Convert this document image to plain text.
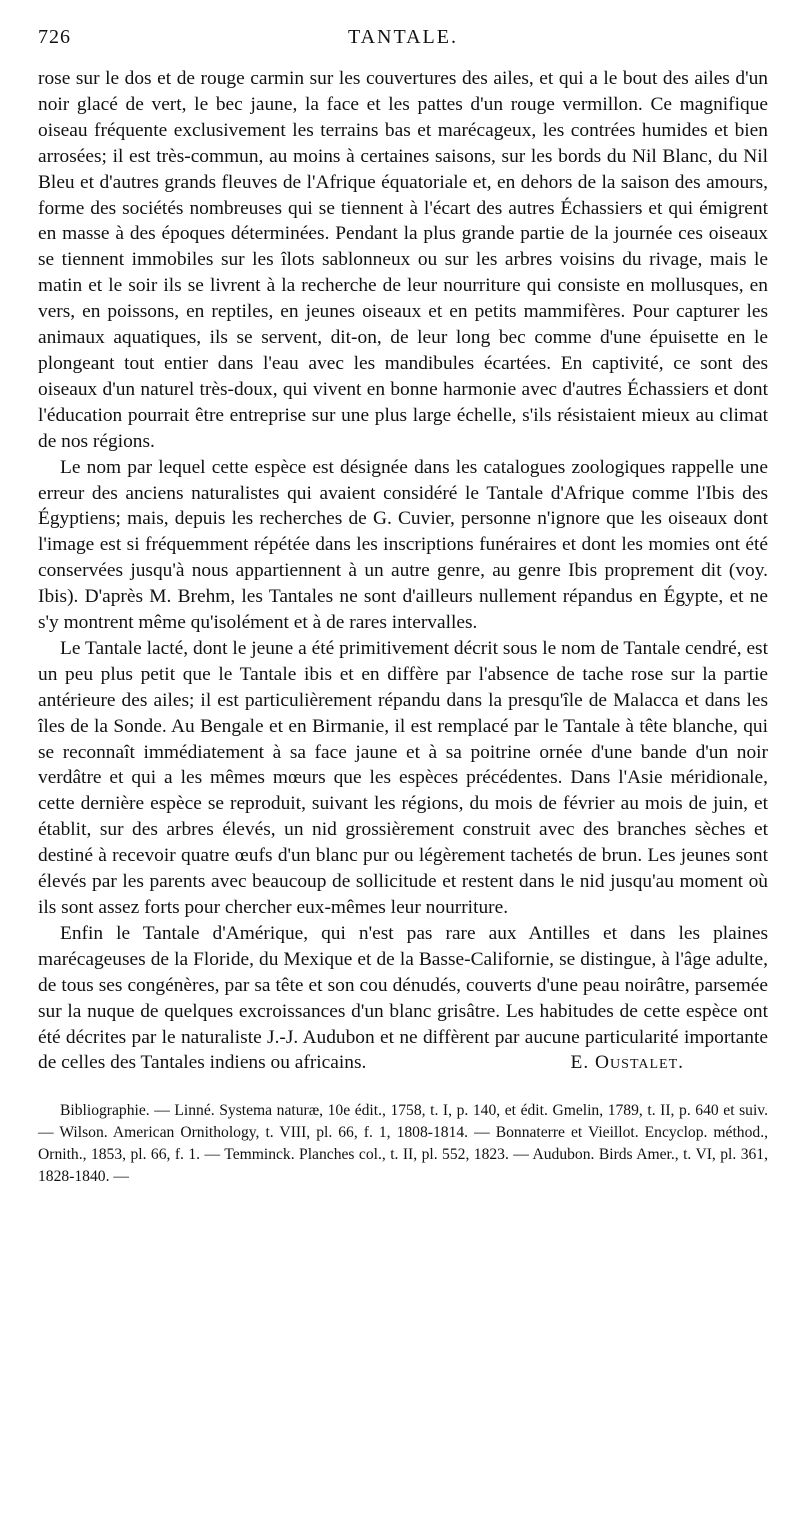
726	TANTALE.

rose sur le dos et de rouge carmin sur les couvertures des ailes, et qui a le bout des ailes d'un noir glacé de vert, le bec jaune, la face et les pattes d'un rouge vermillon. Ce magnifique oiseau fréquente exclusivement les terrains bas et marécageux, les contrées humides et bien arrosées; il est très-commun, au moins à certaines saisons, sur les bords du Nil Blanc, du Nil Bleu et d'autres grands fleuves de l'Afrique équatoriale et, en dehors de la saison des amours, forme des sociétés nombreuses qui se tiennent à l'écart des autres Échassiers et qui émigrent en masse à des époques déterminées. Pendant la plus grande partie de la journée ces oiseaux se tiennent immobiles sur les îlots sablonneux ou sur les arbres voisins du rivage, mais le matin et le soir ils se livrent à la recherche de leur nourriture qui consiste en mollusques, en vers, en poissons, en reptiles, en jeunes oiseaux et en petits mammifères. Pour capturer les animaux aquatiques, ils se servent, dit-on, de leur long bec comme d'une épuisette en le plongeant tout entier dans l'eau avec les mandibules écartées. En captivité, ce sont des oiseaux d'un naturel très-doux, qui vivent en bonne harmonie avec d'autres Échassiers et dont l'éducation pourrait être entreprise sur une plus large échelle, s'ils résistaient mieux au climat de nos régions.

Le nom par lequel cette espèce est désignée dans les catalogues zoologiques rappelle une erreur des anciens naturalistes qui avaient considéré le Tantale d'Afrique comme l'Ibis des Égyptiens; mais, depuis les recherches de G. Cuvier, personne n'ignore que les oiseaux dont l'image est si fréquemment répétée dans les inscriptions funéraires et dont les momies ont été conservées jusqu'à nous appartiennent à un autre genre, au genre Ibis proprement dit (voy. Ibis). D'après M. Brehm, les Tantales ne sont d'ailleurs nullement répandus en Égypte, et ne s'y montrent même qu'isolément et à de rares intervalles.

Le Tantale lacté, dont le jeune a été primitivement décrit sous le nom de Tantale cendré, est un peu plus petit que le Tantale ibis et en diffère par l'absence de tache rose sur la partie antérieure des ailes; il est particulièrement répandu dans la presqu'île de Malacca et dans les îles de la Sonde. Au Bengale et en Birmanie, il est remplacé par le Tantale à tête blanche, qui se reconnaît immédiatement à sa face jaune et à sa poitrine ornée d'une bande d'un noir verdâtre et qui a les mêmes mœurs que les espèces précédentes. Dans l'Asie méridionale, cette dernière espèce se reproduit, suivant les régions, du mois de février au mois de juin, et établit, sur des arbres élevés, un nid grossièrement construit avec des branches sèches et destiné à recevoir quatre œufs d'un blanc pur ou légèrement tachetés de brun. Les jeunes sont élevés par les parents avec beaucoup de sollicitude et restent dans le nid jusqu'au moment où ils sont assez forts pour chercher eux-mêmes leur nourriture.

Enfin le Tantale d'Amérique, qui n'est pas rare aux Antilles et dans les plaines marécageuses de la Floride, du Mexique et de la Basse-Californie, se distingue, à l'âge adulte, de tous ses congénères, par sa tête et son cou dénudés, couverts d'une peau noirâtre, parsemée sur la nuque de quelques excroissances d'un blanc grisâtre. Les habitudes de cette espèce ont été décrites par le naturaliste J.-J. Audubon et ne diffèrent par aucune particularité importante de celles des Tantales indiens ou africains.	E. Oustalet.

Bibliographie. — Linné. Systema naturæ, 10e édit., 1758, t. I, p. 140, et édit. Gmelin, 1789, t. II, p. 640 et suiv. — Wilson. American Ornithology, t. VIII, pl. 66, f. 1, 1808-1814. — Bonnaterre et Vieillot. Encyclop. méthod., Ornith., 1853, pl. 66, f. 1. — Temminck. Planches col., t. II, pl. 552, 1823. — Audubon. Birds Amer., t. VI, pl. 361, 1828-1840. —
